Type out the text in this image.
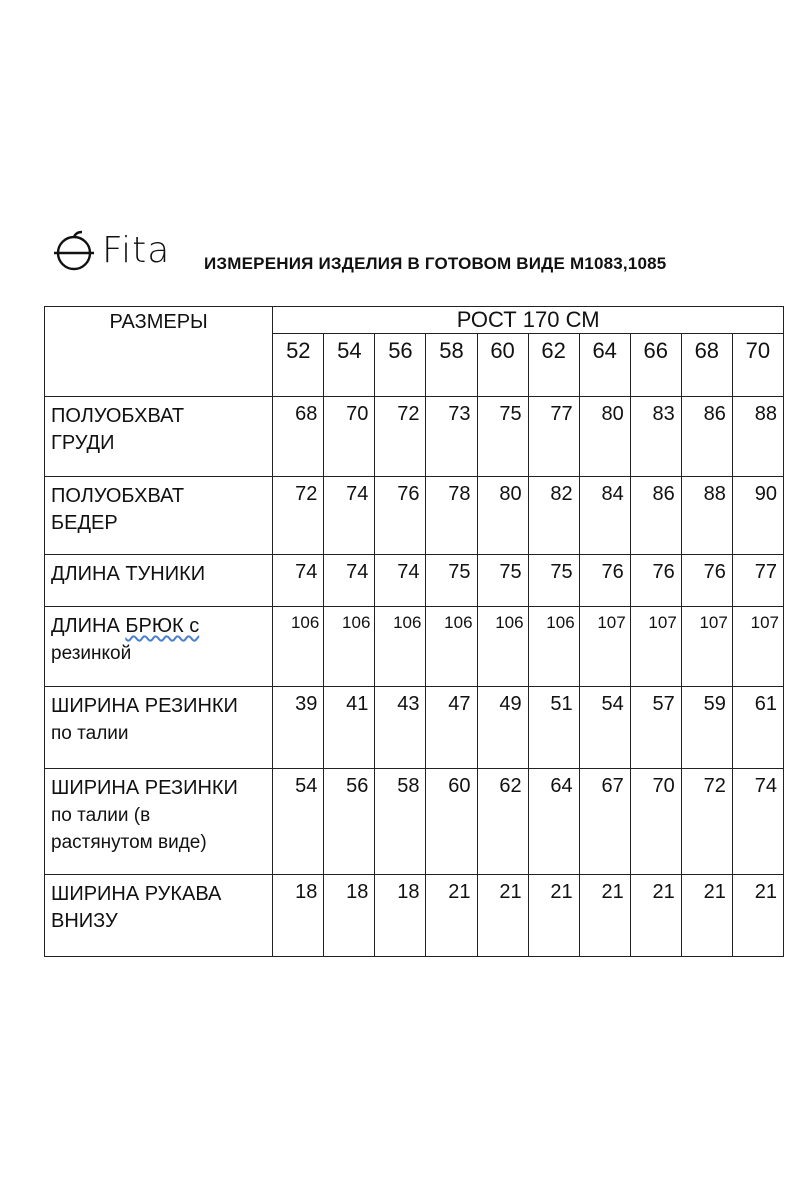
Fita ИЗМЕРЕНИЯ ИЗДЕЛИЯ В ГОТОВОМ ВИДЕ М1083,1085
РАЗМЕРЫ	РОСТ 170 СМ									
	52	54	56	58	60	62	64	66	68	70

ПОЛУОБХВАТ
ГРУДИ	68	70	72	73	75	77	80	83	86	88

ПОЛУОБХВАТ
БЕДЕР	72	74	76	78	80	82	84	86	88	90

ДЛИНА ТУНИКИ	74	74	74	75	75	75	76	76	76	77

ДЛИНА БРЮК с
резинкой	106	106	106	106	106	106	107	107	107	107

ШИРИНА РЕЗИНКИ
по талии	39	41	43	47	49	51	54	57	59	61

ШИРИНА РЕЗИНКИ
по талии (в
растянутом виде)	54	56	58	60	62	64	67	70	72	74

ШИРИНА РУКАВА
ВНИЗУ	18	18	18	21	21	21	21	21	21	21
